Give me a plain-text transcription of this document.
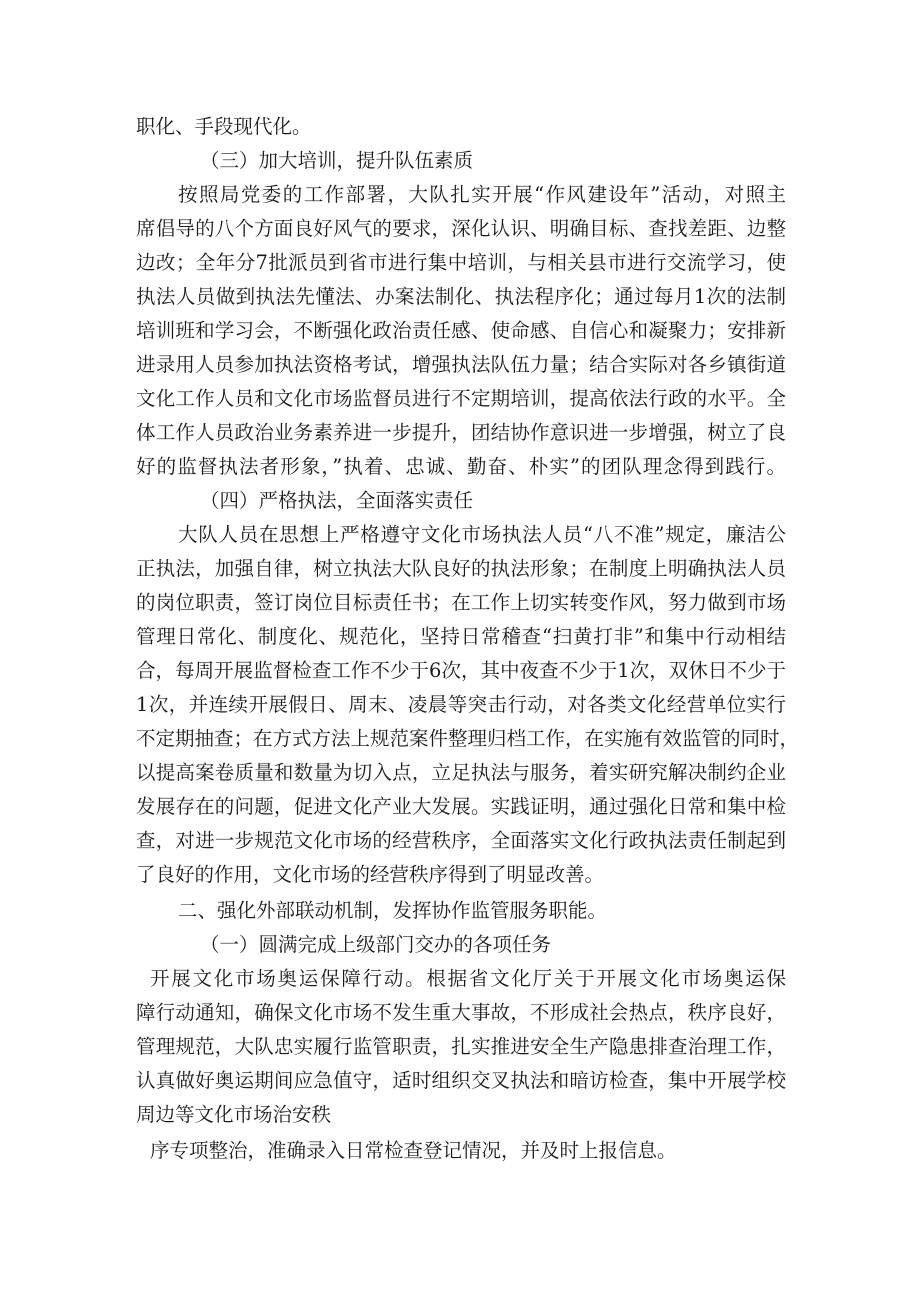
职化、手段现代化。
（三）加大培训，提升队伍素质
按照局党委的工作部署，大队扎实开展“作风建设年”活动，对照主
席倡导的八个方面良好风气的要求，深化认识、明确目标、查找差距、边整
边改；全年分7批派员到省市进行集中培训，与相关县市进行交流学习，使
执法人员做到执法先懂法、办案法制化、执法程序化；通过每月1次的法制
培训班和学习会，不断强化政治责任感、使命感、自信心和凝聚力；安排新
进录用人员参加执法资格考试，增强执法队伍力量；结合实际对各乡镇街道
文化工作人员和文化市场监督员进行不定期培训，提高依法行政的水平。全
体工作人员政治业务素养进一步提升，团结协作意识进一步增强，树立了良
好的监督执法者形象，”执着、忠诚、勤奋、朴实”的团队理念得到践行。
（四）严格执法，全面落实责任
大队人员在思想上严格遵守文化市场执法人员“八不准”规定，廉洁公
正执法，加强自律，树立执法大队良好的执法形象；在制度上明确执法人员
的岗位职责，签订岗位目标责任书；在工作上切实转变作风，努力做到市场
管理日常化、制度化、规范化，坚持日常稽查“扫黄打非”和集中行动相结
合，每周开展监督检查工作不少于6次，其中夜查不少于1次，双休日不少于
1次，并连续开展假日、周末、凌晨等突击行动，对各类文化经营单位实行
不定期抽查；在方式方法上规范案件整理归档工作，在实施有效监管的同时，
以提高案卷质量和数量为切入点，立足执法与服务，着实研究解决制约企业
发展存在的问题，促进文化产业大发展。实践证明，通过强化日常和集中检
查，对进一步规范文化市场的经营秩序，全面落实文化行政执法责任制起到
了良好的作用，文化市场的经营秩序得到了明显改善。
二、强化外部联动机制，发挥协作监管服务职能。
（一）圆满完成上级部门交办的各项任务
开展文化市场奥运保障行动。根据省文化厅关于开展文化市场奥运保
障行动通知，确保文化市场不发生重大事故，不形成社会热点，秩序良好，
管理规范，大队忠实履行监管职责，扎实推进安全生产隐患排查治理工作，
认真做好奥运期间应急值守，适时组织交叉执法和暗访检查，集中开展学校
周边等文化市场治安秩
序专项整治，准确录入日常检查登记情况，并及时上报信息。
